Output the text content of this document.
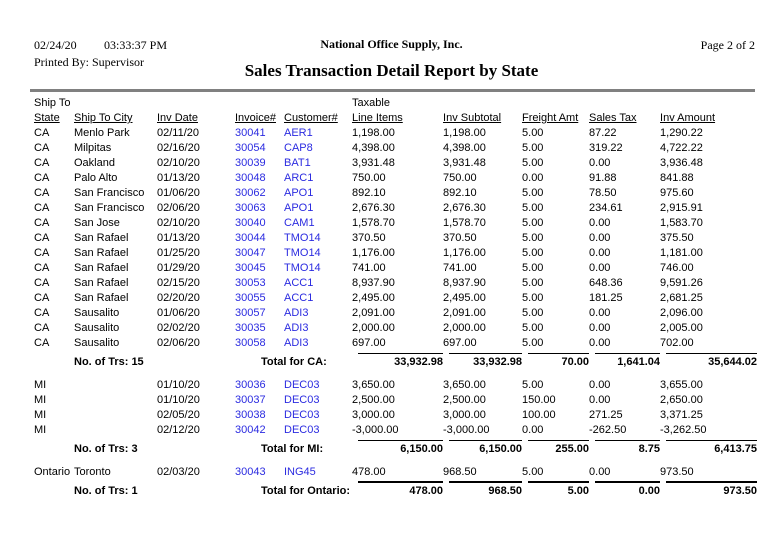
02/24/20 03:33:37 PM	National Office Supply, Inc.	Page 2 of 2
Printed By: Supervisor	Sales Transaction Detail Report by State
Ship To					Taxable				
State	Ship To City	Inv Date	Invoice#	Customer#	Line Items	Inv Subtotal	Freight Amt	Sales Tax	Inv Amount
CA	Menlo Park	02/11/20	30041	AER1	1,198.00	1,198.00	5.00	87.22	1,290.22
CA	Milpitas	02/16/20	30054	CAP8	4,398.00	4,398.00	5.00	319.22	4,722.22
CA	Oakland	02/10/20	30039	BAT1	3,931.48	3,931.48	5.00	0.00	3,936.48
CA	Palo Alto	01/13/20	30048	ARC1	750.00	750.00	0.00	91.88	841.88
CA	San Francisco	01/06/20	30062	APO1	892.10	892.10	5.00	78.50	975.60
CA	San Francisco	02/06/20	30063	APO1	2,676.30	2,676.30	5.00	234.61	2,915.91
CA	San Jose	02/10/20	30040	CAM1	1,578.70	1,578.70	5.00	0.00	1,583.70
CA	San Rafael	01/13/20	30044	TMO14	370.50	370.50	5.00	0.00	375.50
CA	San Rafael	01/25/20	30047	TMO14	1,176.00	1,176.00	5.00	0.00	1,181.00
CA	San Rafael	01/29/20	30045	TMO14	741.00	741.00	5.00	0.00	746.00
CA	San Rafael	02/15/20	30053	ACC1	8,937.90	8,937.90	5.00	648.36	9,591.26
CA	San Rafael	02/20/20	30055	ACC1	2,495.00	2,495.00	5.00	181.25	2,681.25
CA	Sausalito	01/06/20	30057	ADI3	2,091.00	2,091.00	5.00	0.00	2,096.00
CA	Sausalito	02/02/20	30035	ADI3	2,000.00	2,000.00	5.00	0.00	2,005.00
CA	Sausalito	02/06/20	30058	ADI3	697.00	697.00	5.00	0.00	702.00
	No. of Trs: 15		Total for CA:		33,932.98	33,932.98	70.00	1,641.04	35,644.02

MI		01/10/20	30036	DEC03	3,650.00	3,650.00	5.00	0.00	3,655.00
MI		01/10/20	30037	DEC03	2,500.00	2,500.00	150.00	0.00	2,650.00
MI		02/05/20	30038	DEC03	3,000.00	3,000.00	100.00	271.25	3,371.25
MI		02/12/20	30042	DEC03	-3,000.00	-3,000.00	0.00	-262.50	-3,262.50
	No. of Trs: 3		Total for MI:		6,150.00	6,150.00	255.00	8.75	6,413.75

Ontario	Toronto	02/03/20	30043	ING45	478.00	968.50	5.00	0.00	973.50
	No. of Trs: 1		Total for Ontario:		478.00	968.50	5.00	0.00	973.50
